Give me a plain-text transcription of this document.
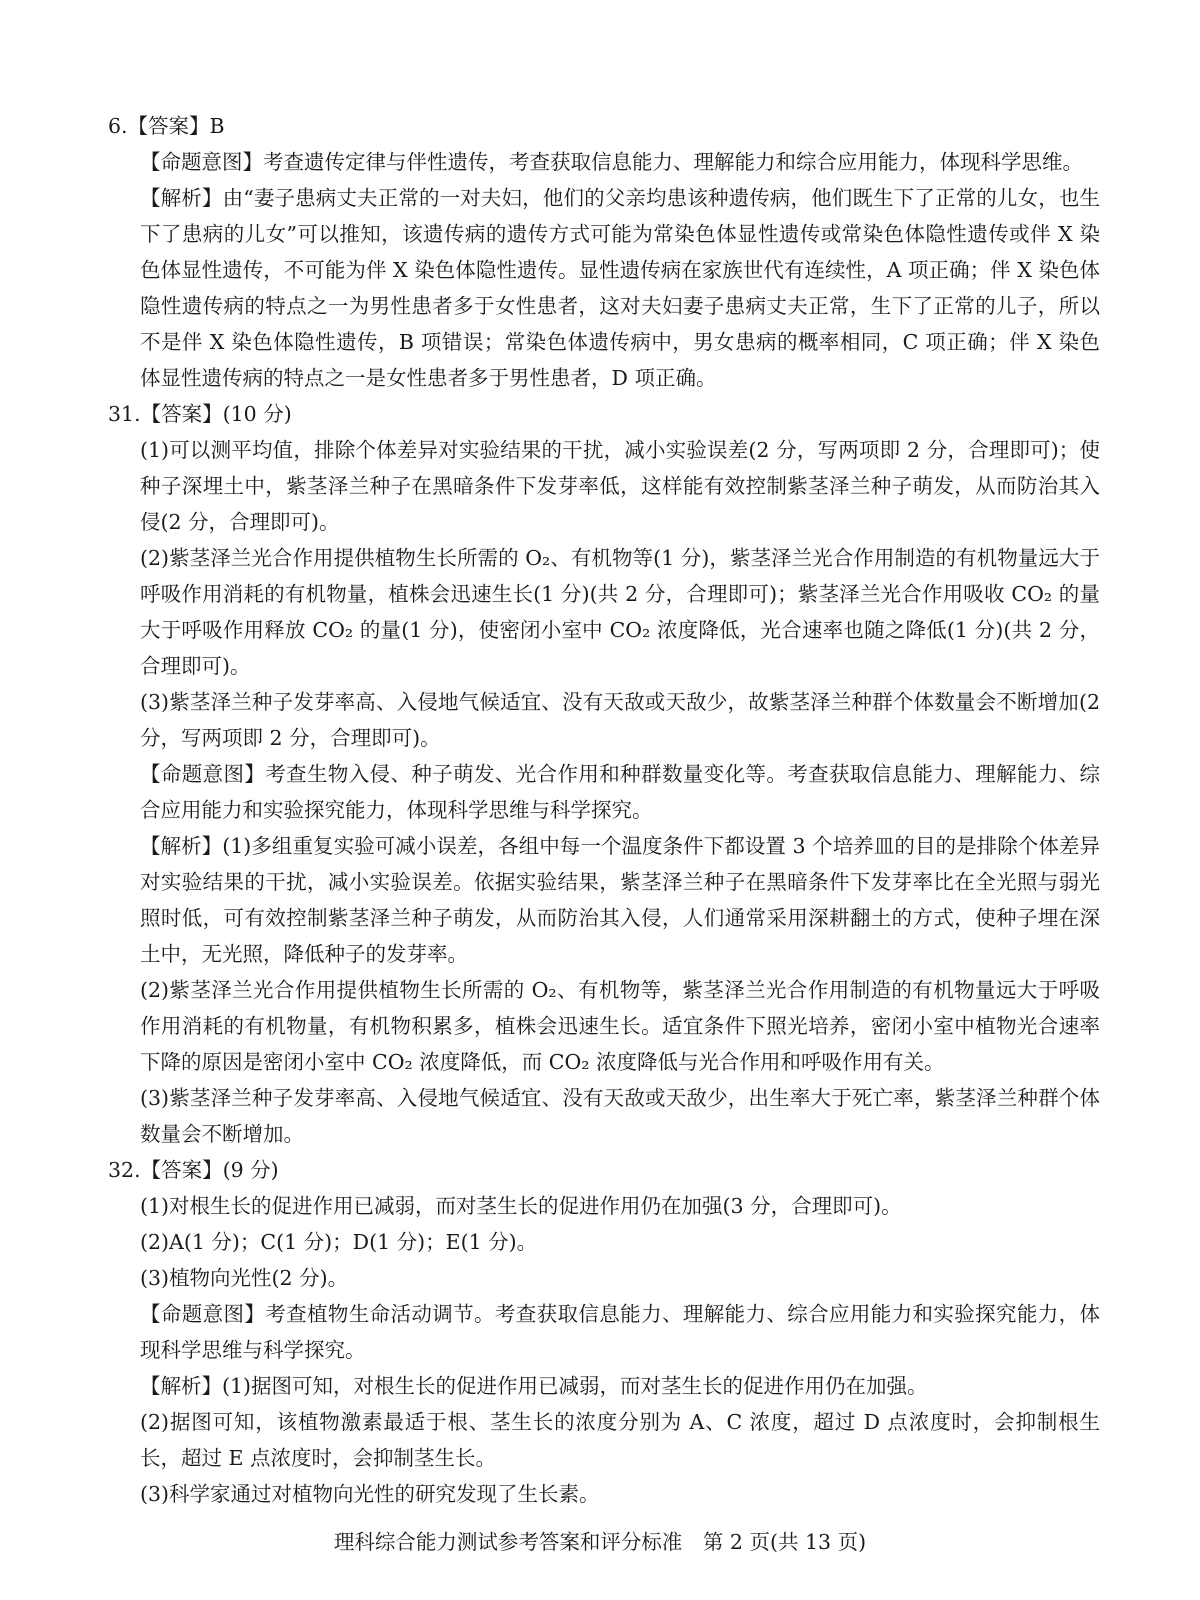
6.【答案】B

【命题意图】考查遗传定律与伴性遗传，考查获取信息能力、理解能力和综合应用能力，体现科学思维。

【解析】由“妻子患病丈夫正常的一对夫妇，他们的父亲均患该种遗传病，他们既生下了正常的儿女，也生下了患病的儿女”可以推知，该遗传病的遗传方式可能为常染色体显性遗传或常染色体隐性遗传或伴 X 染色体显性遗传，不可能为伴 X 染色体隐性遗传。显性遗传病在家族世代有连续性，A 项正确；伴 X 染色体隐性遗传病的特点之一为男性患者多于女性患者，这对夫妇妻子患病丈夫正常，生下了正常的儿子，所以不是伴 X 染色体隐性遗传，B 项错误；常染色体遗传病中，男女患病的概率相同，C 项正确；伴 X 染色体显性遗传病的特点之一是女性患者多于男性患者，D 项正确。

31.【答案】(10 分)

(1)可以测平均值，排除个体差异对实验结果的干扰，减小实验误差(2 分，写两项即 2 分，合理即可)；使种子深埋土中，紫茎泽兰种子在黑暗条件下发芽率低，这样能有效控制紫茎泽兰种子萌发，从而防治其入侵(2 分，合理即可)。

(2)紫茎泽兰光合作用提供植物生长所需的 O₂、有机物等(1 分)，紫茎泽兰光合作用制造的有机物量远大于呼吸作用消耗的有机物量，植株会迅速生长(1 分)(共 2 分，合理即可)；紫茎泽兰光合作用吸收 CO₂ 的量大于呼吸作用释放 CO₂ 的量(1 分)，使密闭小室中 CO₂ 浓度降低，光合速率也随之降低(1 分)(共 2 分，合理即可)。

(3)紫茎泽兰种子发芽率高、入侵地气候适宜、没有天敌或天敌少，故紫茎泽兰种群个体数量会不断增加(2 分，写两项即 2 分，合理即可)。

【命题意图】考查生物入侵、种子萌发、光合作用和种群数量变化等。考查获取信息能力、理解能力、综合应用能力和实验探究能力，体现科学思维与科学探究。

【解析】(1)多组重复实验可减小误差，各组中每一个温度条件下都设置 3 个培养皿的目的是排除个体差异对实验结果的干扰，减小实验误差。依据实验结果，紫茎泽兰种子在黑暗条件下发芽率比在全光照与弱光照时低，可有效控制紫茎泽兰种子萌发，从而防治其入侵，人们通常采用深耕翻土的方式，使种子埋在深土中，无光照，降低种子的发芽率。

(2)紫茎泽兰光合作用提供植物生长所需的 O₂、有机物等，紫茎泽兰光合作用制造的有机物量远大于呼吸作用消耗的有机物量，有机物积累多，植株会迅速生长。适宜条件下照光培养，密闭小室中植物光合速率下降的原因是密闭小室中 CO₂ 浓度降低，而 CO₂ 浓度降低与光合作用和呼吸作用有关。

(3)紫茎泽兰种子发芽率高、入侵地气候适宜、没有天敌或天敌少，出生率大于死亡率，紫茎泽兰种群个体数量会不断增加。

32.【答案】(9 分)

(1)对根生长的促进作用已减弱，而对茎生长的促进作用仍在加强(3 分，合理即可)。

(2)A(1 分)；C(1 分)；D(1 分)；E(1 分)。

(3)植物向光性(2 分)。

【命题意图】考查植物生命活动调节。考查获取信息能力、理解能力、综合应用能力和实验探究能力，体现科学思维与科学探究。

【解析】(1)据图可知，对根生长的促进作用已减弱，而对茎生长的促进作用仍在加强。

(2)据图可知，该植物激素最适于根、茎生长的浓度分别为 A、C 浓度，超过 D 点浓度时，会抑制根生长，超过 E 点浓度时，会抑制茎生长。

(3)科学家通过对植物向光性的研究发现了生长素。

理科综合能力测试参考答案和评分标准　第 2 页(共 13 页)
